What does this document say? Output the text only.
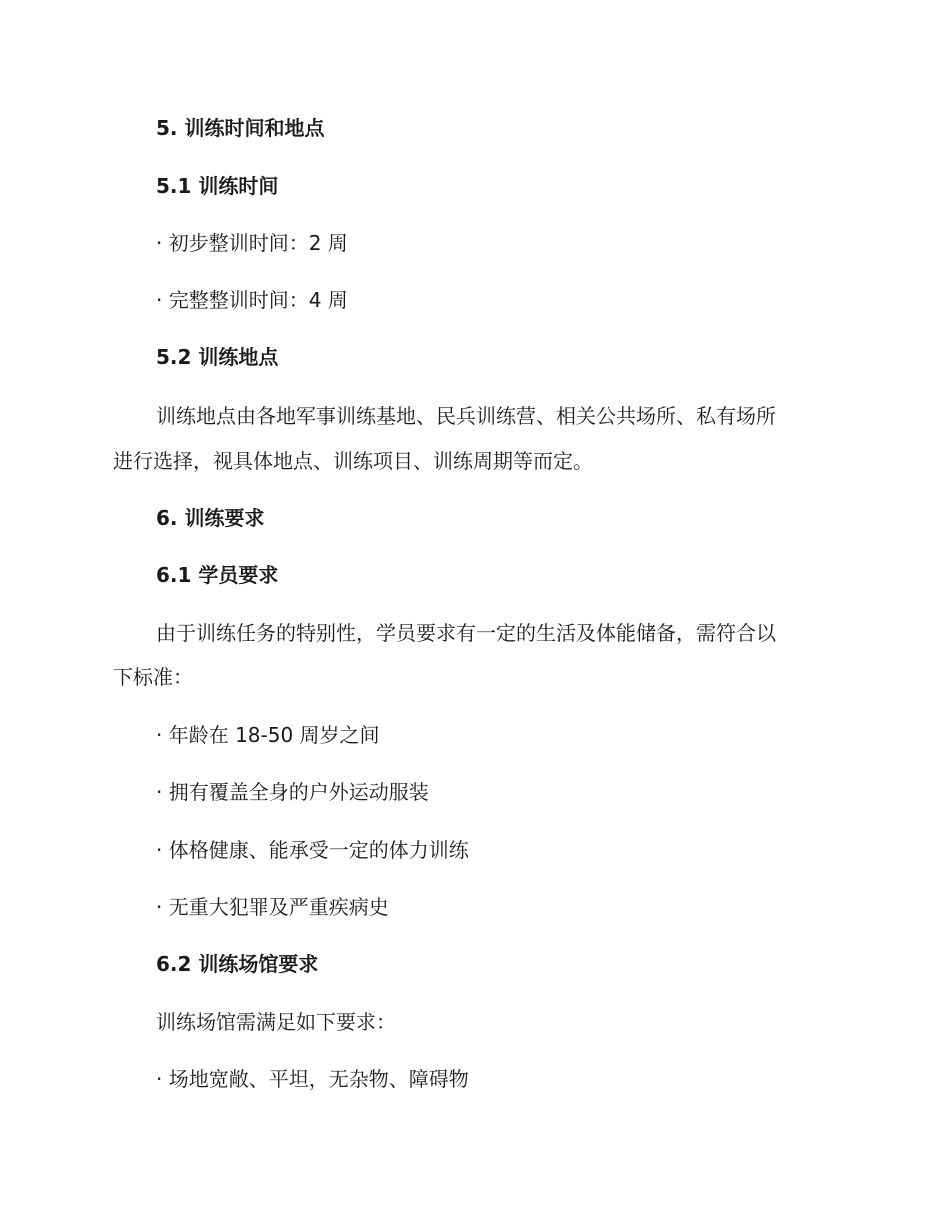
5. 训练时间和地点
5.1 训练时间
· 初步整训时间：2 周
· 完整整训时间：4 周
5.2 训练地点
训练地点由各地军事训练基地、民兵训练营、相关公共场所、私有场所
进行选择，视具体地点、训练项目、训练周期等而定。
6. 训练要求
6.1 学员要求
由于训练任务的特别性，学员要求有一定的生活及体能储备，需符合以
下标准：
· 年龄在 18-50 周岁之间
· 拥有覆盖全身的户外运动服装
· 体格健康、能承受一定的体力训练
· 无重大犯罪及严重疾病史
6.2 训练场馆要求
训练场馆需满足如下要求：
· 场地宽敞、平坦，无杂物、障碍物
